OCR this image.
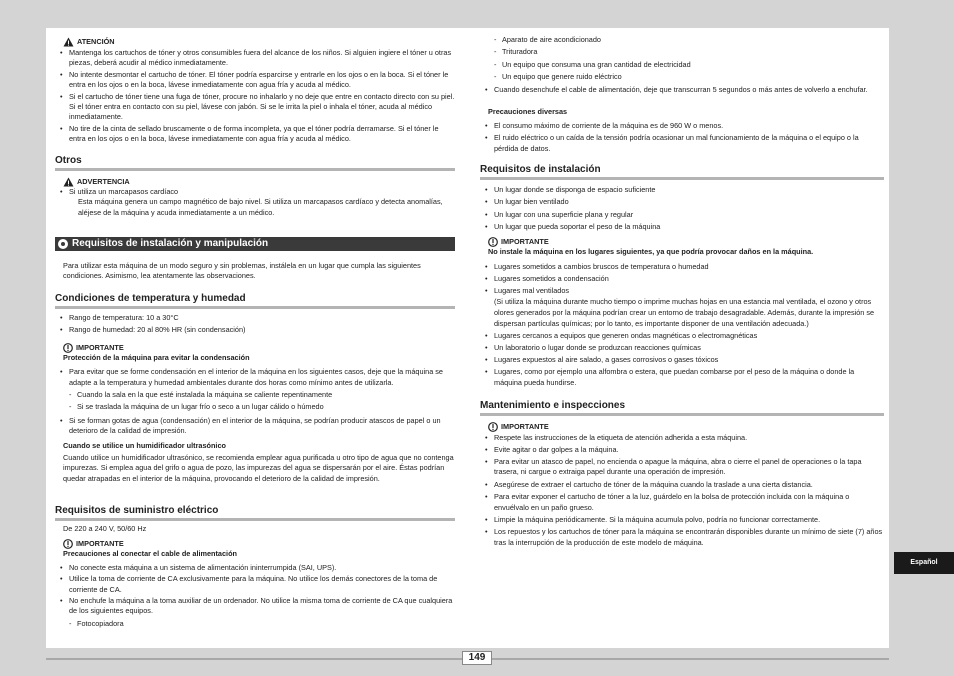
ATENCIÓN
• Mantenga los cartuchos de tóner y otros consumibles fuera del alcance de los niños. Si alguien ingiere el tóner u otras piezas, deberá acudir al médico inmediatamente.
• No intente desmontar el cartucho de tóner. El tóner podría esparcirse y entrarle en los ojos o en la boca. Si el tóner le entra en los ojos o en la boca, lávese inmediatamente con agua fría y acuda al médico.
• Si el cartucho de tóner tiene una fuga de tóner, procure no inhalarlo y no deje que entre en contacto directo con su piel. Si el tóner entra en contacto con su piel, lávese con jabón. Si se le irrita la piel o inhala el tóner, acuda al médico inmediatamente.
• No tire de la cinta de sellado bruscamente o de forma incompleta, ya que el tóner podría derramarse. Si el tóner le entra en los ojos o en la boca, lávese inmediatamente con agua fría y acuda al médico.
Otros
ADVERTENCIA
• Si utiliza un marcapasos cardíaco
Esta máquina genera un campo magnético de bajo nivel. Si utiliza un marcapasos cardíaco y detecta anomalías, aléjese de la máquina y acuda inmediatamente a un médico.
Requisitos de instalación y manipulación
Para utilizar esta máquina de un modo seguro y sin problemas, instálela en un lugar que cumpla las siguientes condiciones. Asimismo, lea atentamente las observaciones.
Condiciones de temperatura y humedad
• Rango de temperatura: 10 a 30°C
• Rango de humedad: 20 al 80% HR (sin condensación)
IMPORTANTE
Protección de la máquina para evitar la condensación
• Para evitar que se forme condensación en el interior de la máquina en los siguientes casos, deje que la máquina se adapte a la temperatura y humedad ambientales durante dos horas como mínimo antes de utilizarla.
- Cuando la sala en la que esté instalada la máquina se caliente repentinamente
- Si se traslada la máquina de un lugar frío o seco a un lugar cálido o húmedo
• Si se forman gotas de agua (condensación) en el interior de la máquina, se podrían producir atascos de papel o un deterioro de la calidad de impresión.
Cuando se utilice un humidificador ultrasónico
Cuando utilice un humidificador ultrasónico, se recomienda emplear agua purificada u otro tipo de agua que no contenga impurezas. Si emplea agua del grifo o agua de pozo, las impurezas del agua se dispersarán por el aire. Éstas podrían quedar atrapadas en el interior de la máquina, provocando el deterioro de la calidad de impresión.
Requisitos de suministro eléctrico
De 220 a 240 V, 50/60 Hz
IMPORTANTE
Precauciones al conectar el cable de alimentación
• No conecte esta máquina a un sistema de alimentación ininterrumpida (SAI, UPS).
• Utilice la toma de corriente de CA exclusivamente para la máquina. No utilice los demás conectores de la toma de corriente de CA.
• No enchufe la máquina a la toma auxiliar de un ordenador. No utilice la misma toma de corriente de CA que cualquiera de los siguientes equipos.
- Fotocopiadora
- Aparato de aire acondicionado
- Trituradora
- Un equipo que consuma una gran cantidad de electricidad
- Un equipo que genere ruido eléctrico
• Cuando desenchufe el cable de alimentación, deje que transcurran 5 segundos o más antes de volverlo a enchufar.
Precauciones diversas
• El consumo máximo de corriente de la máquina es de 960 W o menos.
• El ruido eléctrico o un caída de la tensión podría ocasionar un mal funcionamiento de la máquina o el equipo o la pérdida de datos.
Requisitos de instalación
• Un lugar donde se disponga de espacio suficiente
• Un lugar bien ventilado
• Un lugar con una superficie plana y regular
• Un lugar que pueda soportar el peso de la máquina
IMPORTANTE
No instale la máquina en los lugares siguientes, ya que podría provocar daños en la máquina.
• Lugares sometidos a cambios bruscos de temperatura o humedad
• Lugares sometidos a condensación
• Lugares mal ventilados
(Si utiliza la máquina durante mucho tiempo o imprime muchas hojas en una estancia mal ventilada, el ozono y otros olores generados por la máquina podrían crear un entorno de trabajo desagradable. Además, durante la impresión se dispersan partículas químicas; por lo tanto, es importante disponer de una ventilación adecuada.)
• Lugares cercanos a equipos que generen ondas magnéticas o electromagnéticas
• Un laboratorio o lugar donde se produzcan reacciones químicas
• Lugares expuestos al aire salado, a gases corrosivos o gases tóxicos
• Lugares, como por ejemplo una alfombra o estera, que puedan combarse por el peso de la máquina o donde la máquina pueda hundirse.
Mantenimiento e inspecciones
IMPORTANTE
• Respete las instrucciones de la etiqueta de atención adherida a esta máquina.
• Evite agitar o dar golpes a la máquina.
• Para evitar un atasco de papel, no encienda o apague la máquina, abra o cierre el panel de operaciones o la tapa trasera, ni cargue o extraiga papel durante una operación de impresión.
• Asegúrese de extraer el cartucho de tóner de la máquina cuando la traslade a una cierta distancia.
• Para evitar exponer el cartucho de tóner a la luz, guárdelo en la bolsa de protección incluida con la máquina o envuélvalo en un paño grueso.
• Limpie la máquina periódicamente. Si la máquina acumula polvo, podría no funcionar correctamente.
• Los repuestos y los cartuchos de tóner para la máquina se encontrarán disponibles durante un mínimo de siete (7) años tras la interrupción de la producción de este modelo de máquina.
149
Español
